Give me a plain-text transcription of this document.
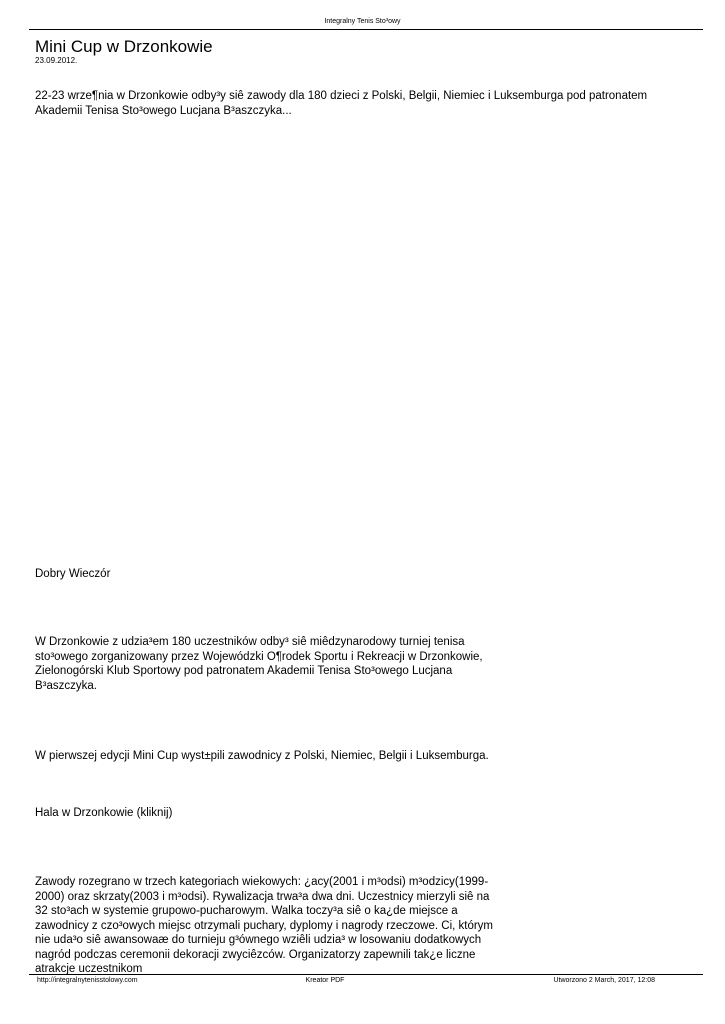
Integralny Tenis Sto³owy
Mini Cup w Drzonkowie
23.09.2012.

22-23 wrze¶nia w Drzonkowie odby³y siê zawody dla 180 dzieci z Polski, Belgii, Niemiec i Luksemburga pod patronatem Akademii Tenisa Sto³owego Lucjana B³aszczyka...

Dobry Wieczór

W Drzonkowie z udzia³em 180 uczestników odby³ siê miêdzynarodowy turniej tenisa sto³owego zorganizowany przez Wojewódzki O¶rodek Sportu i Rekreacji w Drzonkowie, Zielonogórski Klub Sportowy pod patronatem Akademii Tenisa Sto³owego Lucjana B³aszczyka.

W pierwszej edycji Mini Cup wyst±pili zawodnicy z Polski, Niemiec, Belgii i Luksemburga.

Hala w Drzonkowie (kliknij)

Zawody rozegrano w trzech kategoriach wiekowych: ¿acy(2001 i m³odsi) m³odzicy(1999-2000) oraz skrzaty(2003 i m³odsi). Rywalizacja trwa³a dwa dni. Uczestnicy mierzyli siê na 32 sto³ach w systemie grupowo-pucharowym. Walka toczy³a siê o ka¿de miejsce a zawodnicy z czo³owych miejsc otrzymali puchary, dyplomy i nagrody rzeczowe. Ci, którym nie uda³o siê awansowaæ do turnieju g³ównego wziêli udzia³ w losowaniu dodatkowych nagród podczas ceremonii dekoracji zwyciêzców. Organizatorzy zapewnili tak¿e liczne atrakcje uczestnikom

http://integralnytenisstolowy.com	Kreator PDF	Utworzono 2 March, 2017, 12:08
